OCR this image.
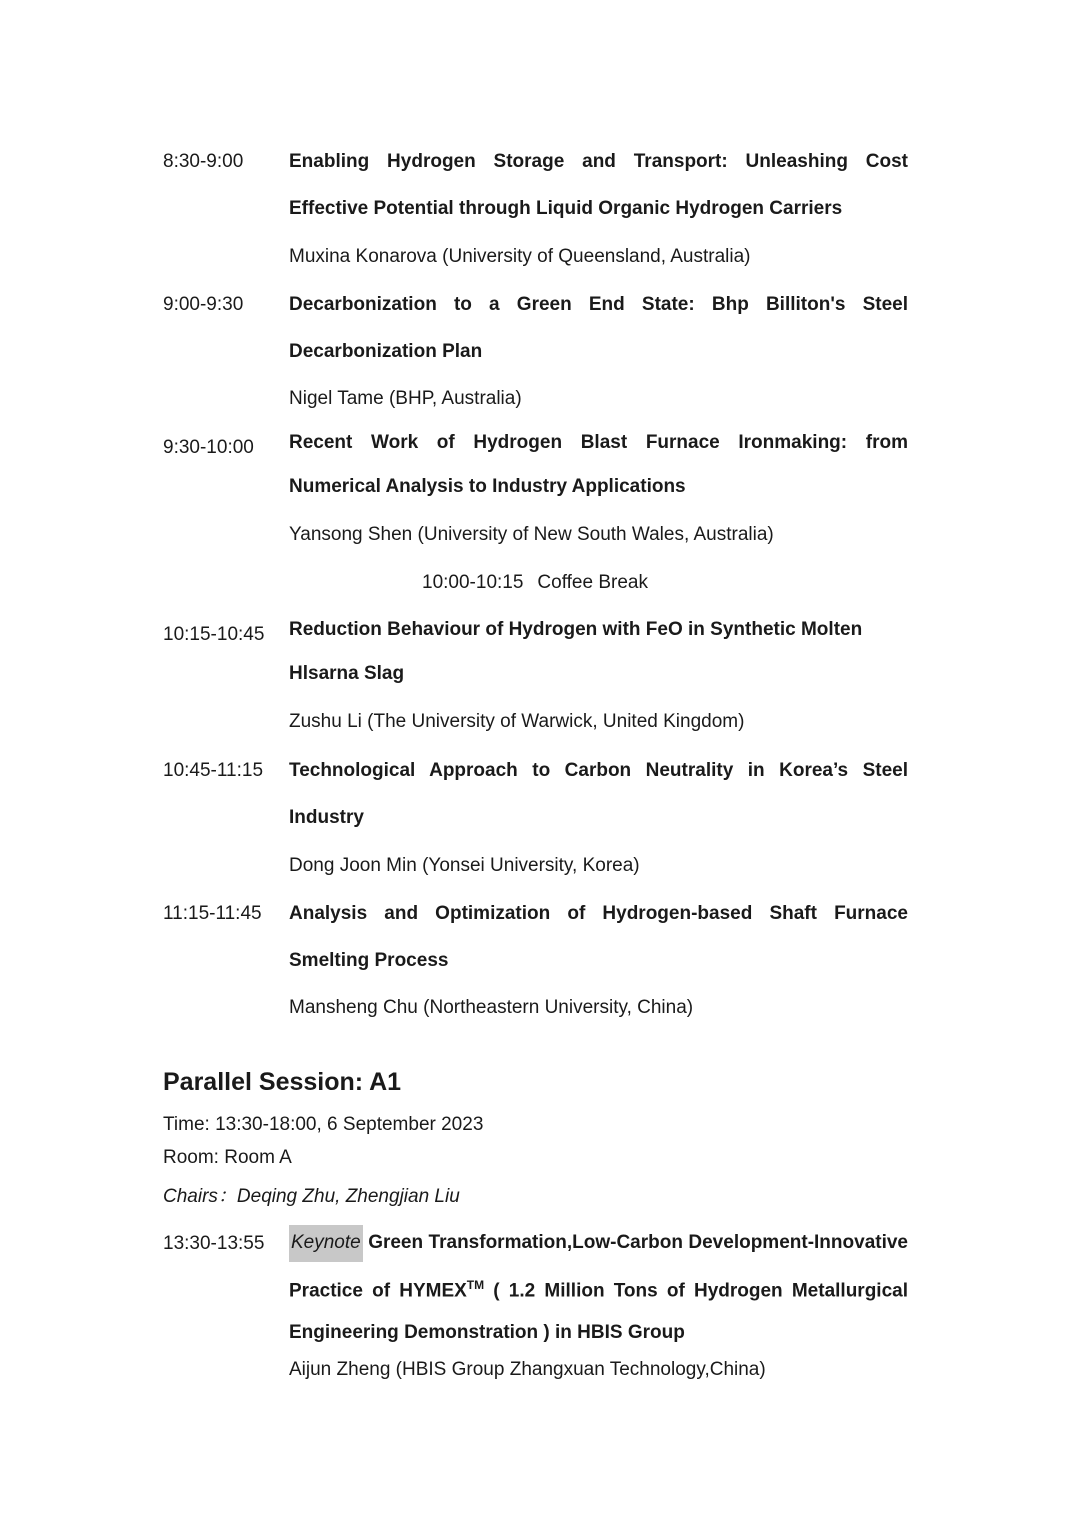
8:30-9:00 Enabling Hydrogen Storage and Transport: Unleashing Cost Effective Potential through Liquid Organic Hydrogen Carriers
Muxina Konarova (University of Queensland, Australia)
9:00-9:30 Decarbonization to a Green End State: Bhp Billiton's Steel Decarbonization Plan
Nigel Tame (BHP, Australia)
9:30-10:00 Recent Work of Hydrogen Blast Furnace Ironmaking: from Numerical Analysis to Industry Applications
Yansong Shen (University of New South Wales, Australia)
10:00-10:15 Coffee Break
10:15-10:45 Reduction Behaviour of Hydrogen with FeO in Synthetic Molten Hlsarna Slag
Zushu Li (The University of Warwick, United Kingdom)
10:45-11:15 Technological Approach to Carbon Neutrality in Korea’s Steel Industry
Dong Joon Min (Yonsei University, Korea)
11:15-11:45 Analysis and Optimization of Hydrogen-based Shaft Furnace Smelting Process
Mansheng Chu (Northeastern University, China)
Parallel Session: A1
Time: 13:30-18:00, 6 September 2023
Room: Room A
Chairs：Deqing Zhu, Zhengjian Liu
13:30-13:55 Keynote Green Transformation,Low-Carbon Development-Innovative Practice of HYMEX™ ( 1.2 Million Tons of Hydrogen Metallurgical Engineering Demonstration ) in HBIS Group
Aijun Zheng (HBIS Group Zhangxuan Technology,China)
